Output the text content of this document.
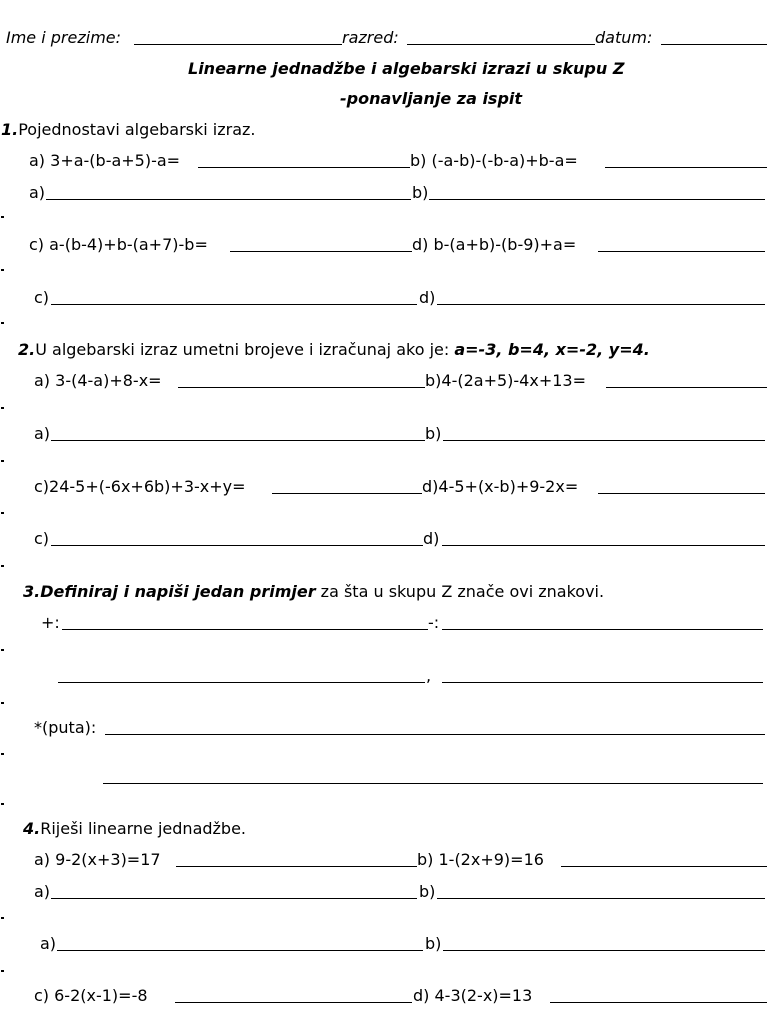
Ime i prezime:	razred:	datum:
Linearne jednadžbe i algebarski izrazi u skupu Z
-ponavljanje za ispit
1.Pojednostavi algebarski izraz.
a) 3+a-(b-a+5)-a=	b) (-a-b)-(-b-a)+b-a=
a)	b)
c) a-(b-4)+b-(a+7)-b=	d) b-(a+b)-(b-9)+a=
c)	d)
2.U algebarski izraz umetni brojeve i izračunaj ako je: a=-3, b=4, x=-2, y=4.
a) 3-(4-a)+8-x=	b)4-(2a+5)-4x+13=
a)	b)
c)24-5+(-6x+6b)+3-x+y=	d)4-5+(x-b)+9-2x=
c)	d)
3.Definiraj i napiši jedan primjer za šta u skupu Z znače ovi znakovi.
+:	-:
,
*(puta):
4.Riješi linearne jednadžbe.
a) 9-2(x+3)=17	b) 1-(2x+9)=16
a)	b)
a)	b)
c) 6-2(x-1)=-8	d) 4-3(2-x)=13
